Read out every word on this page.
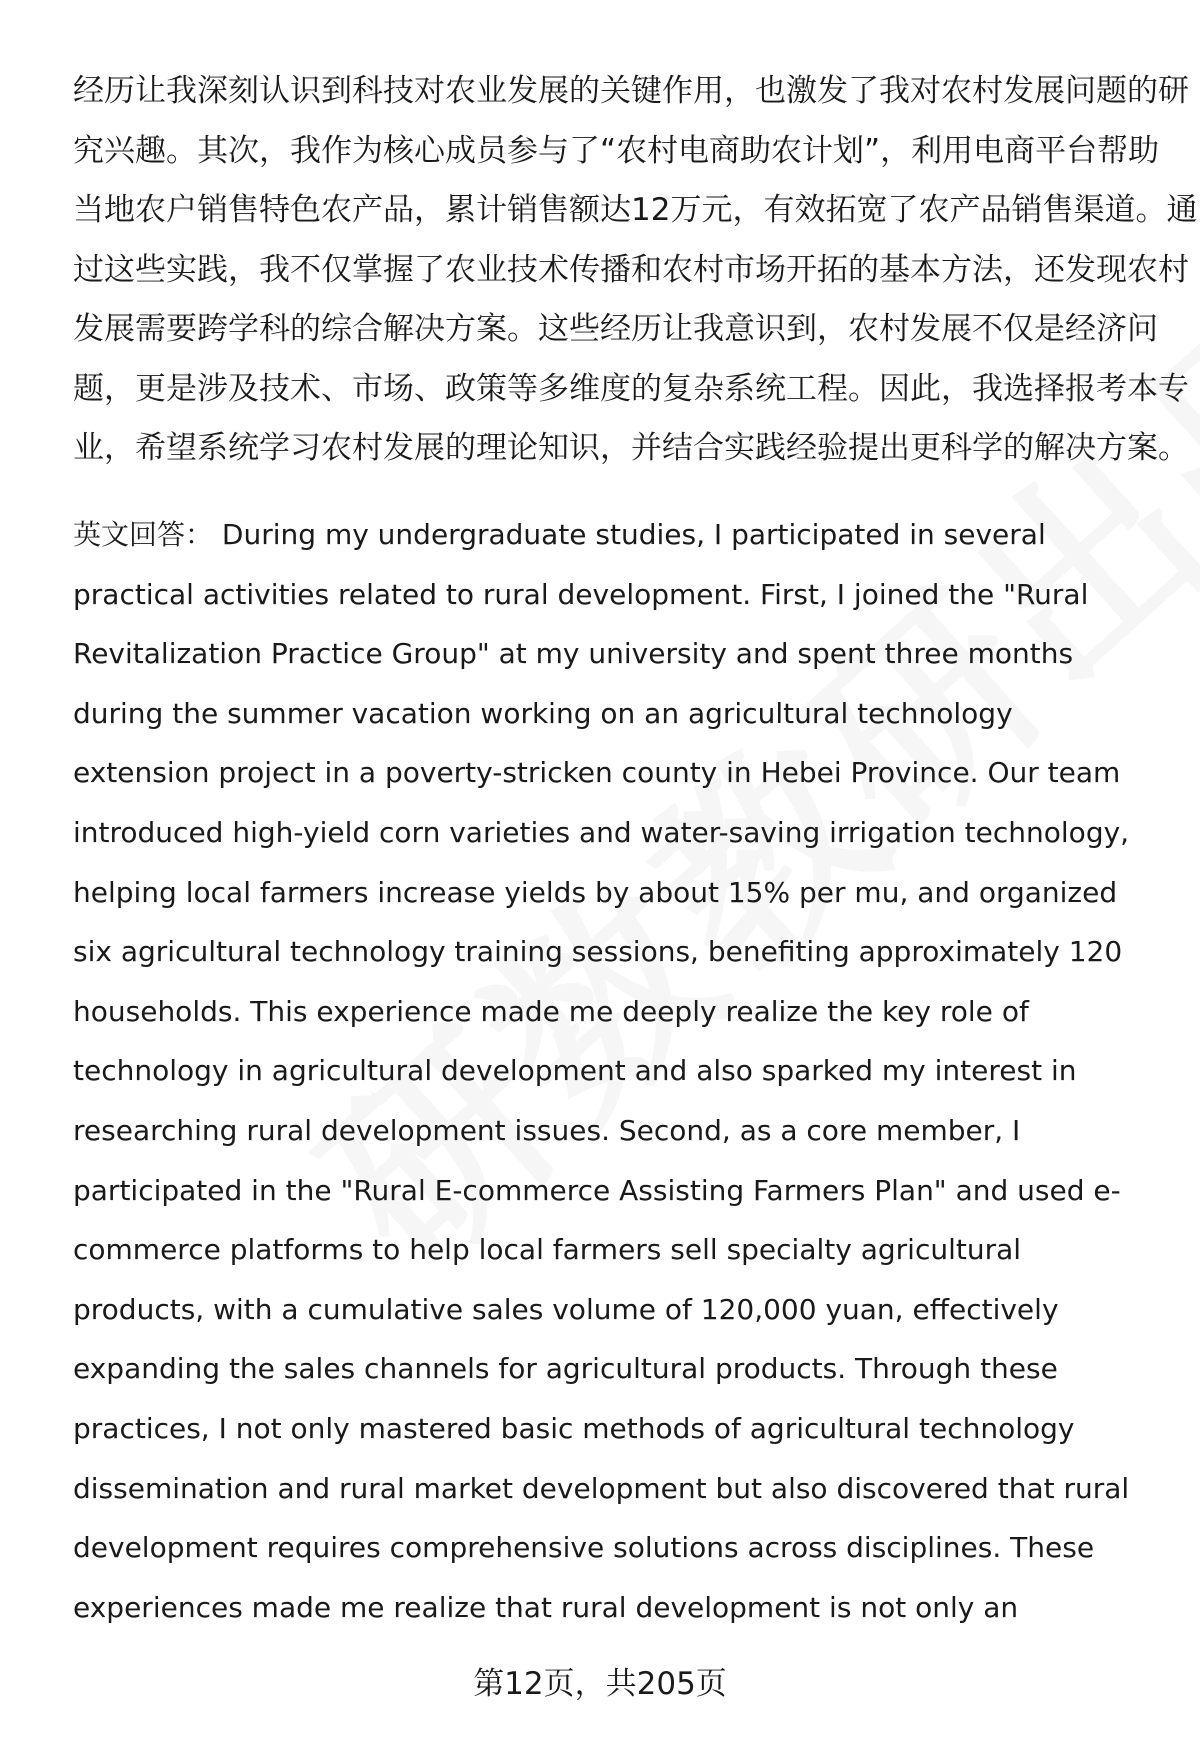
经历让我深刻认识到科技对农业发展的关键作用，也激发了我对农村发展问题的研
究兴趣。其次，我作为核心成员参与了“农村电商助农计划”，利用电商平台帮助
当地农户销售特色农产品，累计销售额达12万元，有效拓宽了农产品销售渠道。通
过这些实践，我不仅掌握了农业技术传播和农村市场开拓的基本方法，还发现农村
发展需要跨学科的综合解决方案。这些经历让我意识到，农村发展不仅是经济问
题，更是涉及技术、市场、政策等多维度的复杂系统工程。因此，我选择报考本专
业，希望系统学习农村发展的理论知识，并结合实践经验提出更科学的解决方案。
英文回答： During my undergraduate studies, I participated in several
practical activities related to rural development. First, I joined the "Rural
Revitalization Practice Group" at my university and spent three months
during the summer vacation working on an agricultural technology
extension project in a poverty-stricken county in Hebei Province. Our team
introduced high-yield corn varieties and water-saving irrigation technology,
helping local farmers increase yields by about 15% per mu, and organized
six agricultural technology training sessions, benefiting approximately 120
households. This experience made me deeply realize the key role of
technology in agricultural development and also sparked my interest in
researching rural development issues. Second, as a core member, I
participated in the "Rural E-commerce Assisting Farmers Plan" and used e-
commerce platforms to help local farmers sell specialty agricultural
products, with a cumulative sales volume of 120,000 yuan, effectively
expanding the sales channels for agricultural products. Through these
practices, I not only mastered basic methods of agricultural technology
dissemination and rural market development but also discovered that rural
development requires comprehensive solutions across disciplines. These
experiences made me realize that rural development is not only an
第12页，共205页
